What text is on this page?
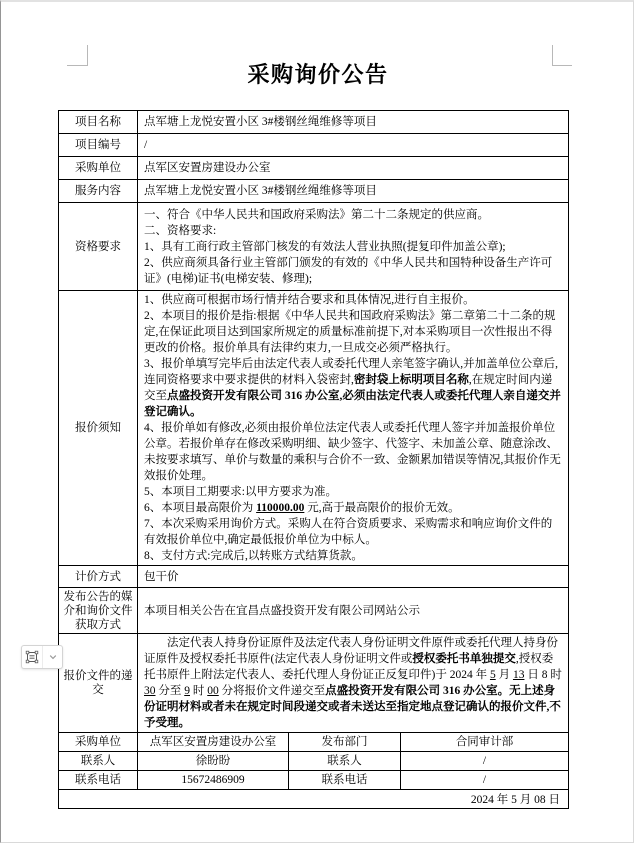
采购询价公告
项目名称	点军塘上龙悦安置小区 3#楼钢丝绳维修等项目		
项目编号	/		
采购单位	点军区安置房建设办公室		
服务内容	点军塘上龙悦安置小区 3#楼钢丝绳维修等项目		
资格要求	一、符合《中华人民共和国政府采购法》第二十二条规定的供应商。
二、资格要求:
1、具有工商行政主管部门核发的有效法人营业执照(提复印件加盖公章);
2、供应商须具备行业主管部门颁发的有效的《中华人民共和国特种设备生产许可证》(电梯)证书(电梯安装、修理);		

报价须知	
1、供应商可根据市场行情并结合要求和具体情况,进行自主报价。
2、本项目的报价是指:根据《中华人民共和国政府采购法》第二章第二十二条的规定,在保证此项目达到国家所规定的质量标准前提下,对本采购项目一次性报出不得更改的价格。报价单具有法律约束力,一旦成交必须严格执行。
3、报价单填写完毕后由法定代表人或委托代理人亲笔签字确认,并加盖单位公章后,连同资格要求中要求提供的材料入袋密封,密封袋上标明项目名称,在规定时间内递交至点盛投资开发有限公司 316 办公室,必须由法定代表人或委托代理人亲自递交并登记确认。
4、报价单如有修改,必须由报价单位法定代表人或委托代理人签字并加盖报价单位公章。若报价单存在修改采购明细、缺少签字、代签字、未加盖公章、随意涂改、未按要求填写、单价与数量的乘积与合价不一致、金额累加错误等情况,其报价作无效报价处理。
5、本项目工期要求:以甲方要求为准。
6、本项目最高限价为 110000.00 元,高于最高限价的报价无效。
7、本次采购采用询价方式。采购人在符合资质要求、采购需求和响应询价文件的有效报价单位中,确定最低报价单位为中标人。
8、支付方式:完成后,以转账方式结算货款。

计价方式	包干价		
发布公告的媒介和询价文件获取方式	本项目相关公告在宜昌点盛投资开发有限公司网站公示		
报价文件的递交	法定代表人持身份证原件及法定代表人身份证明文件原件或委托代理人持身份证原件及授权委托书原件(法定代表人身份证明文件或授权委托书单独提交,授权委托书原件上附法定代表人、委托代理人身份证正反复印件)于 2024 年 5 月 13 日 8 时 30 分至 9 时 00 分将报价文件递交至点盛投资开发有限公司 316 办公室。无上述身份证明材料或者未在规定时间段递交或者未送达至指定地点登记确认的报价文件,不予受理。		

采购单位	点军区安置房建设办公室	发布部门	合同审计部
联系人	徐盼盼	联系人	/
联系电话	15672486909	联系电话	/
2024 年 5 月 08 日			
